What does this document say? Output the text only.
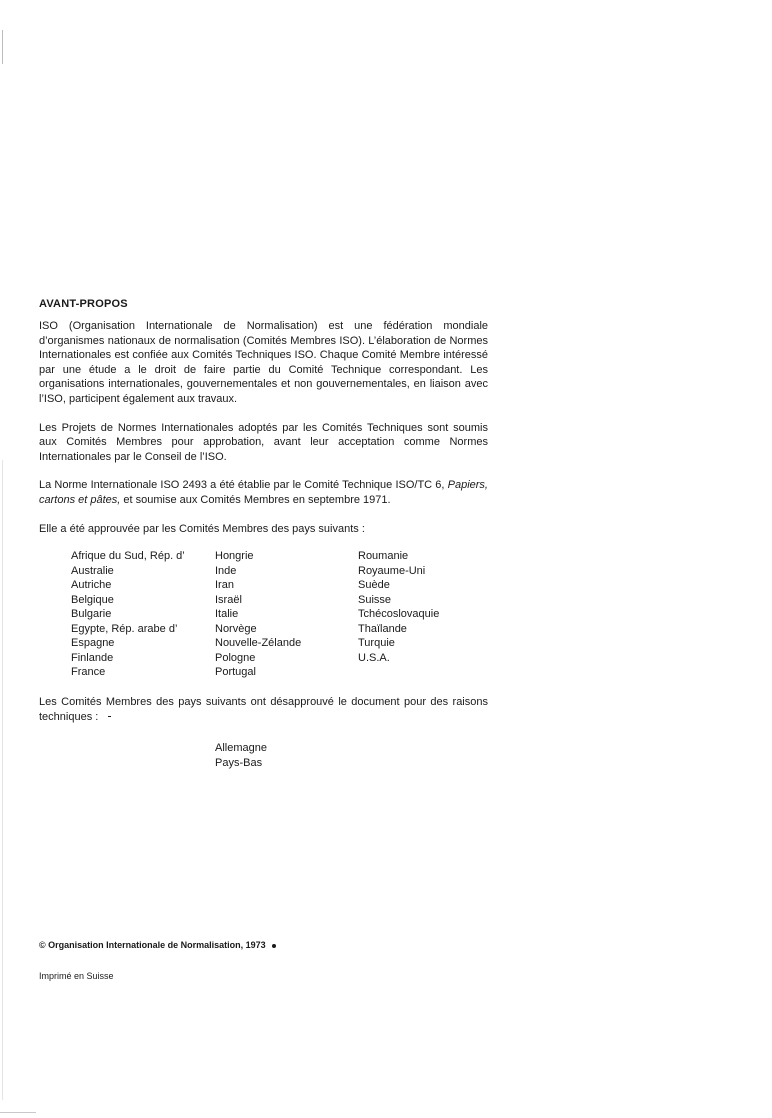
AVANT-PROPOS

ISO (Organisation Internationale de Normalisation) est une fédération mondiale d’organismes nationaux de normalisation (Comités Membres ISO). L’élaboration de Normes Internationales est confiée aux Comités Techniques ISO. Chaque Comité Membre intéressé par une étude a le droit de faire partie du Comité Technique correspondant. Les organisations internationales, gouvernementales et non gouvernementales, en liaison avec l’ISO, participent également aux travaux.

Les Projets de Normes Internationales adoptés par les Comités Techniques sont soumis aux Comités Membres pour approbation, avant leur acceptation comme Normes Internationales par le Conseil de l’ISO.

La Norme Internationale ISO 2493 a été établie par le Comité Technique ISO/TC 6, Papiers, cartons et pâtes, et soumise aux Comités Membres en septembre 1971.

Elle a été approuvée par les Comités Membres des pays suivants :

Afrique du Sud, Rép. d’
Australie
Autriche
Belgique
Bulgarie
Egypte, Rép. arabe d’
Espagne
Finlande
France
Hongrie
Inde
Iran
Israël
Italie
Norvège
Nouvelle-Zélande
Pologne
Portugal
Roumanie
Royaume-Uni
Suède
Suisse
Tchécoslovaquie
Thaïlande
Turquie
U.S.A.

Les Comités Membres des pays suivants ont désapprouvé le document pour des raisons techniques :

Allemagne
Pays-Bas
© Organisation Internationale de Normalisation, 1973
Imprimé en Suisse
